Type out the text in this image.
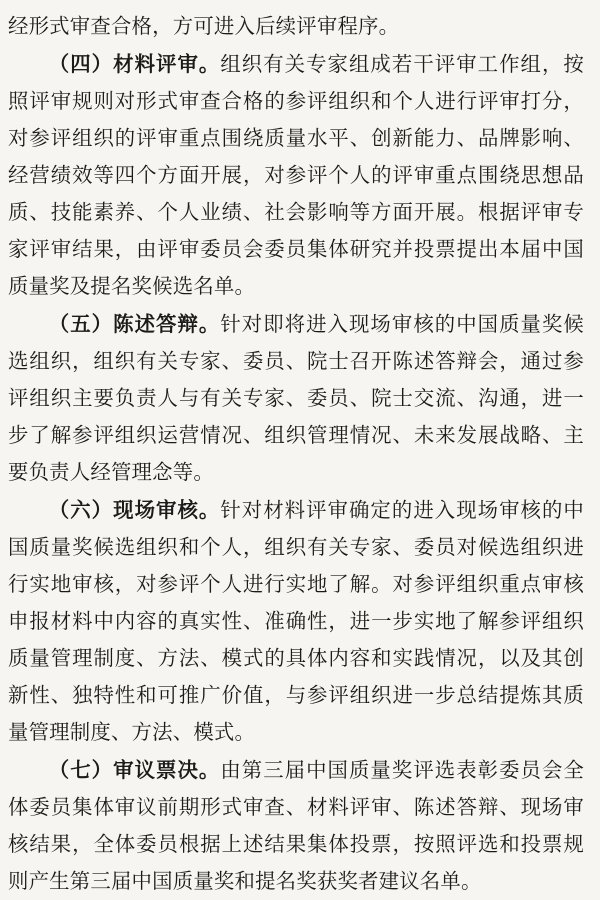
经形式审查合格，方可进入后续评审程序。

（四）材料评审。组织有关专家组成若干评审工作组，按照评审规则对形式审查合格的参评组织和个人进行评审打分，对参评组织的评审重点围绕质量水平、创新能力、品牌影响、经营绩效等四个方面开展，对参评个人的评审重点围绕思想品质、技能素养、个人业绩、社会影响等方面开展。根据评审专家评审结果，由评审委员会委员集体研究并投票提出本届中国质量奖及提名奖候选名单。

（五）陈述答辩。针对即将进入现场审核的中国质量奖候选组织，组织有关专家、委员、院士召开陈述答辩会，通过参评组织主要负责人与有关专家、委员、院士交流、沟通，进一步了解参评组织运营情况、组织管理情况、未来发展战略、主要负责人经管理念等。

（六）现场审核。针对材料评审确定的进入现场审核的中国质量奖候选组织和个人，组织有关专家、委员对候选组织进行实地审核，对参评个人进行实地了解。对参评组织重点审核申报材料中内容的真实性、准确性，进一步实地了解参评组织质量管理制度、方法、模式的具体内容和实践情况，以及其创新性、独特性和可推广价值，与参评组织进一步总结提炼其质量管理制度、方法、模式。

（七）审议票决。由第三届中国质量奖评选表彰委员会全体委员集体审议前期形式审查、材料评审、陈述答辩、现场审核结果，全体委员根据上述结果集体投票，按照评选和投票规则产生第三届中国质量奖和提名奖获奖者建议名单。
